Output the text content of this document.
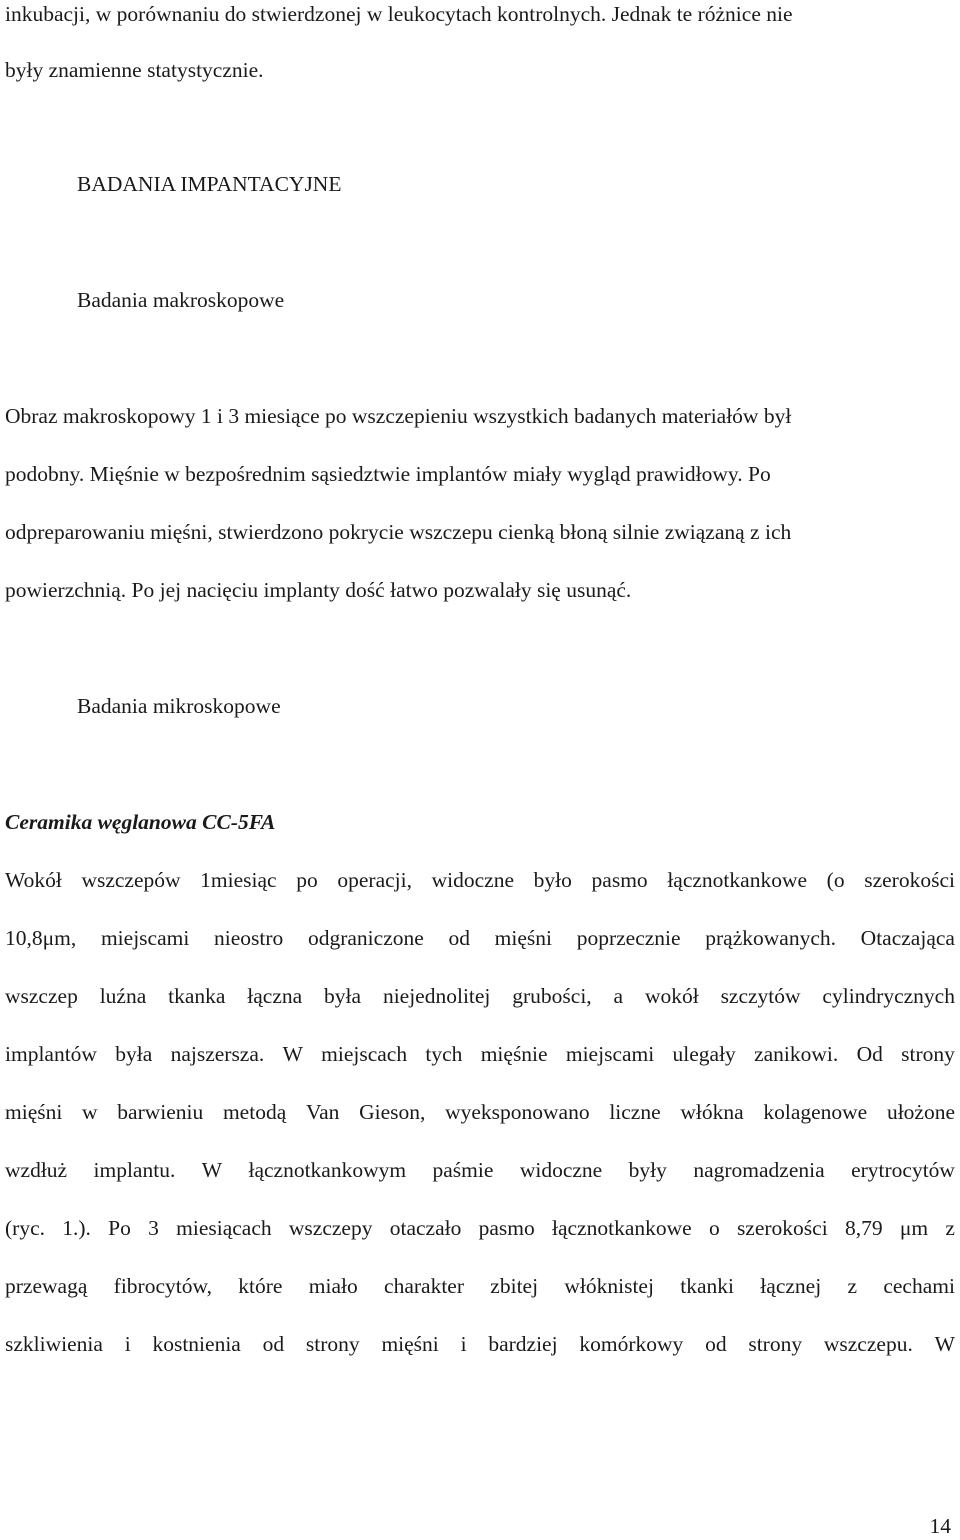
inkubacji, w porównaniu do stwierdzonej w leukocytach kontrolnych. Jednak te różnice nie
były znamienne statystycznie.
BADANIA IMPANTACYJNE
Badania makroskopowe
Obraz makroskopowy 1 i 3 miesiące po wszczepieniu wszystkich badanych materiałów był
podobny. Mięśnie w bezpośrednim sąsiedztwie implantów miały wygląd prawidłowy. Po
odpreparowaniu mięśni, stwierdzono pokrycie wszczepu cienką błoną silnie związaną z ich
powierzchnią. Po jej nacięciu implanty dość łatwo pozwalały się usunąć.
Badania mikroskopowe
Ceramika węglanowa CC-5FA
Wokół wszczepów 1miesiąc po operacji, widoczne było pasmo łącznotkankowe (o szerokości
10,8μm, miejscami nieostro odgraniczone od mięśni poprzecznie prążkowanych. Otaczająca
wszczep luźna tkanka łączna była niejednolitej grubości, a wokół szczytów cylindrycznych
implantów była najszersza. W miejscach tych mięśnie miejscami ulegały zanikowi. Od strony
mięśni w barwieniu metodą Van Gieson, wyeksponowano liczne włókna kolagenowe ułożone
wzdłuż implantu. W łącznotkankowym paśmie widoczne były nagromadzenia erytrocytów
(ryc. 1.). Po 3 miesiącach wszczepy otaczało pasmo łącznotkankowe o szerokości 8,79 μm z
przewagą fibrocytów, które miało charakter zbitej włóknistej tkanki łącznej z cechami
szkliwienia i kostnienia od strony mięśni i bardziej komórkowy od strony wszczepu. W
14
